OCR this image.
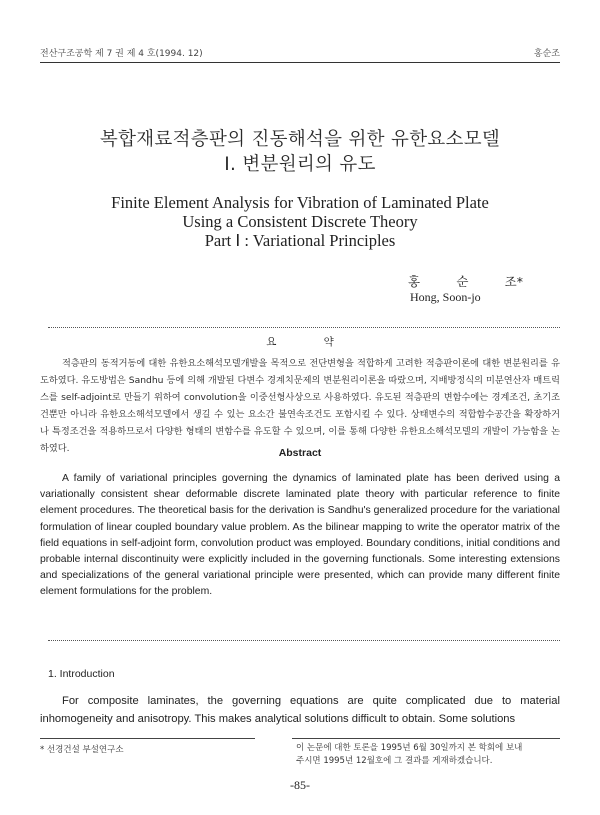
전산구조공학 제 7 권 제 4 호(1994. 12)	홍순조
복합재료적층판의 진동해석을 위한 유한요소모델
Ⅰ. 변분원리의 유도
Finite Element Analysis for Vibration of Laminated Plate
Using a Consistent Discrete Theory
Part Ⅰ : Variational Principles
홍	순	조*
Hong, Soon-jo
요 약

적층판의 동적거동에 대한 유한요소해석모델개발을 목적으로 전단변형을 적합하게 고려한 적층판이론에 대한 변분원리를 유도하였다. 유도방법은 Sandhu 등에 의해 개발된 다변수 경계치문제의 변분원리이론을 따랐으며, 지배방정식의 미분연산자 매트릭스를 self-adjoint로 만들기 위하여 convolution을 이중선형사상으로 사용하였다. 유도된 적층판의 변함수에는 경계조건, 초기조건뿐만 아니라 유한요소해석모델에서 생길 수 있는 요소간 불연속조건도 포함시킬 수 있다. 상태변수의 적합함수공간을 확장하거나 특정조건을 적용하므로서 다양한 형태의 변함수를 유도할 수 있으며, 이를 통해 다양한 유한요소해석모델의 개발이 가능함을 논하였다.	Abstract

A family of variational principles governing the dynamics of laminated plate has been derived using a variationally consistent shear deformable discrete laminated plate theory with particular reference to finite element procedures. The theoretical basis for the derivation is Sandhu's generalized procedure for the variational formulation of linear coupled boundary value problem. As the bilinear mapping to write the operator matrix of the field equations in self-adjoint form, convolution product was employed. Boundary conditions, initial conditions and probable internal discontinuity were explicitly included in the governing functionals. Some interesting extensions and specializations of the general variational principle were presented, which can provide many different finite element formulations for the problem.

1. Introduction

For composite laminates, the governing equations are quite complicated due to material inhomogeneity and anisotropy. This makes analytical solutions difficult to obtain. Some solutions

* 선경건설 부설연구소	이 논문에 대한 토론을 1995년 6월 30일까지 본 학회에 보내
주시면 1995년 12월호에 그 결과를 게재하겠습니다.
-85-
